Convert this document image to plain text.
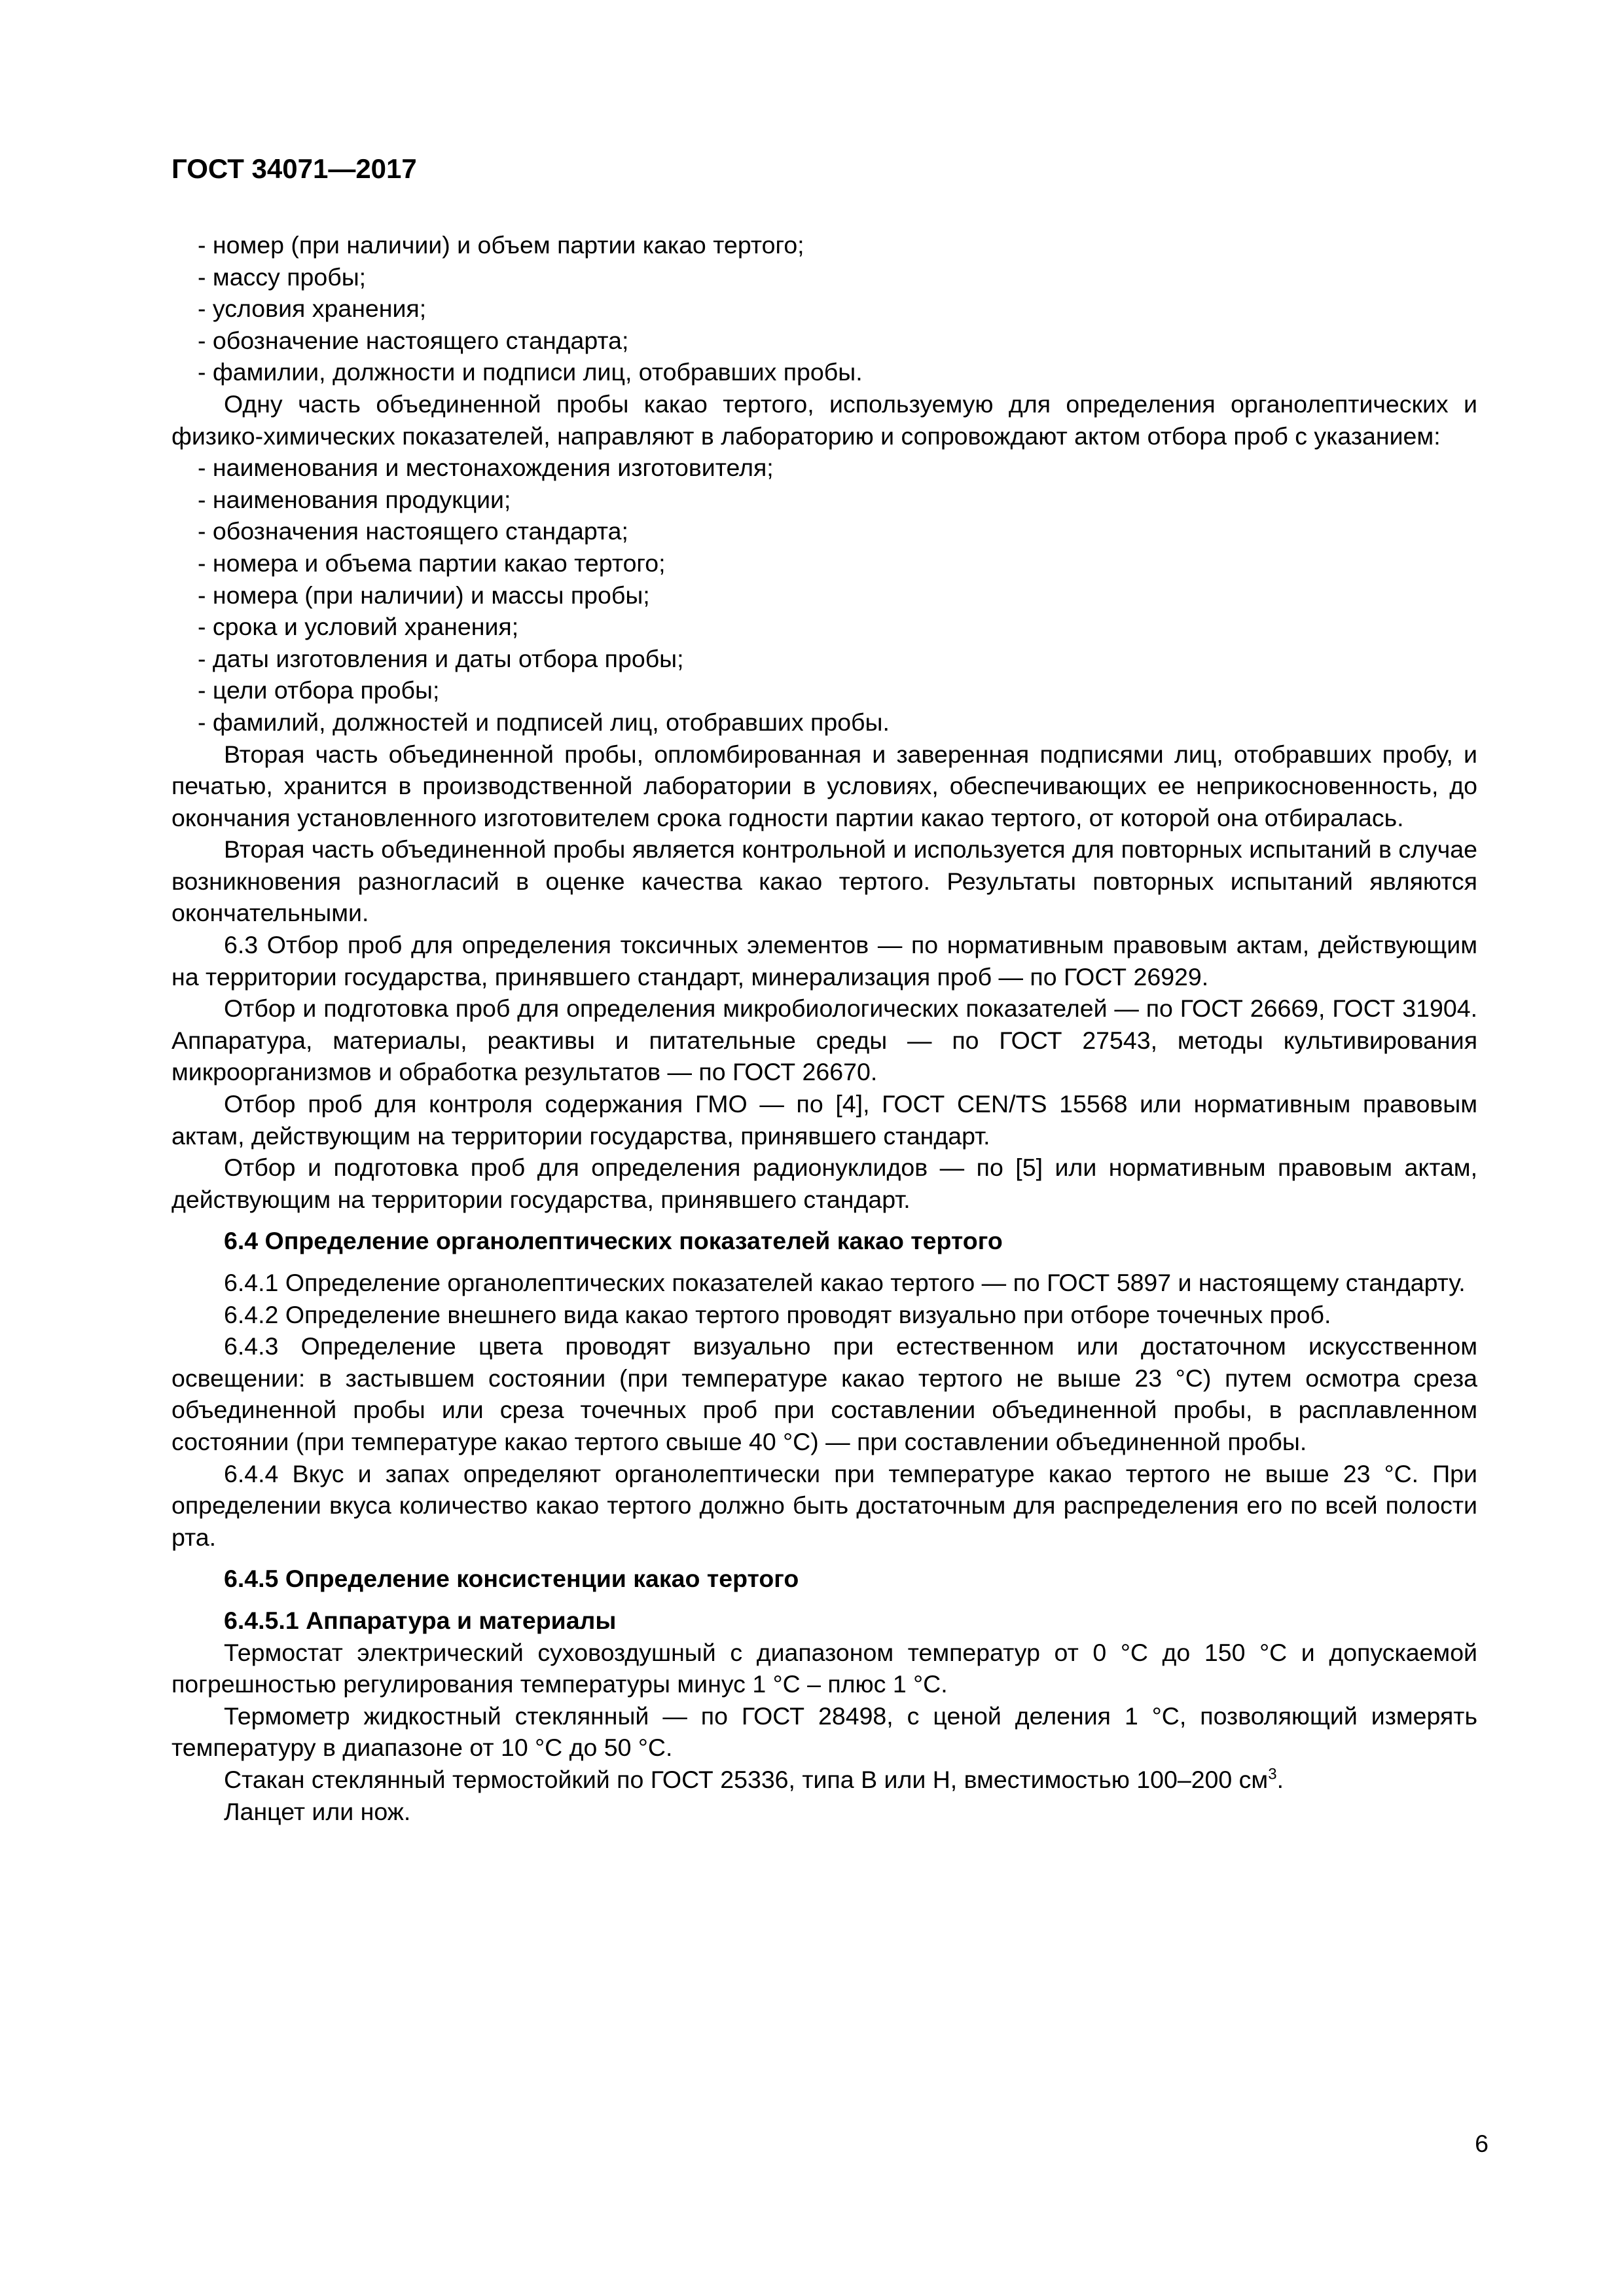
ГОСТ 34071—2017

- номер (при наличии) и объем партии какао тертого;

- массу пробы;

- условия хранения;

- обозначение настоящего стандарта;

- фамилии, должности и подписи лиц, отобравших пробы.

Одну часть объединенной пробы какао тертого, используемую для определения органолептических и физико-химических показателей, направляют в лабораторию и сопровождают актом отбора проб с указанием:

- наименования и местонахождения изготовителя;

- наименования продукции;

- обозначения настоящего стандарта;

- номера и объема партии какао тертого;

- номера (при наличии) и массы пробы;

- срока и условий хранения;

- даты изготовления и даты отбора пробы;

- цели отбора пробы;

- фамилий, должностей и подписей лиц, отобравших пробы.

Вторая часть объединенной пробы, опломбированная и заверенная подписями лиц, отобравших пробу, и печатью, хранится в производственной лаборатории в условиях, обеспечивающих ее неприкосновенность, до окончания установленного изготовителем срока годности партии какао тертого, от которой она отбиралась.

Вторая часть объединенной пробы является контрольной и используется для повторных испытаний в случае возникновения разногласий в оценке качества какао тертого. Результаты повторных испытаний являются окончательными.

6.3 Отбор проб для определения токсичных элементов — по нормативным правовым актам, действующим на территории государства, принявшего стандарт, минерализация проб — по ГОСТ 26929.

Отбор и подготовка проб для определения микробиологических показателей — по ГОСТ 26669, ГОСТ 31904. Аппаратура, материалы, реактивы и питательные среды — по ГОСТ 27543, методы культивирования микроорганизмов и обработка результатов — по ГОСТ 26670.

Отбор проб для контроля содержания ГМО — по [4], ГОСТ CEN/TS 15568 или нормативным правовым актам, действующим на территории государства, принявшего стандарт.

Отбор и подготовка проб для определения радионуклидов — по [5] или нормативным правовым актам, действующим на территории государства, принявшего стандарт.

6.4 Определение органолептических показателей какао тертого

6.4.1 Определение органолептических показателей какао тертого — по ГОСТ 5897 и настоящему стандарту.

6.4.2 Определение внешнего вида какао тертого проводят визуально при отборе точечных проб.

6.4.3 Определение цвета проводят визуально при естественном или достаточном искусственном освещении: в застывшем состоянии (при температуре какао тертого не выше 23 °С) путем осмотра среза объединенной пробы или среза точечных проб при составлении объединенной пробы, в расплавленном состоянии (при температуре какао тертого свыше 40 °С) — при составлении объединенной пробы.

6.4.4 Вкус и запах определяют органолептически при температуре какао тертого не выше 23 °С. При определении вкуса количество какао тертого должно быть достаточным для распределения его по всей полости рта.

6.4.5 Определение консистенции какао тертого

6.4.5.1 Аппаратура и материалы

Термостат электрический суховоздушный с диапазоном температур от 0 °С до 150 °С и допускаемой погрешностью регулирования температуры минус 1 °С – плюс 1 °С.

Термометр жидкостный стеклянный — по ГОСТ 28498, с ценой деления 1 °С, позволяющий измерять температуру в диапазоне от 10 °С до 50 °С.

Стакан стеклянный термостойкий по ГОСТ 25336, типа В или Н, вместимостью 100–200 $см^3$.

Ланцет или нож.

6
